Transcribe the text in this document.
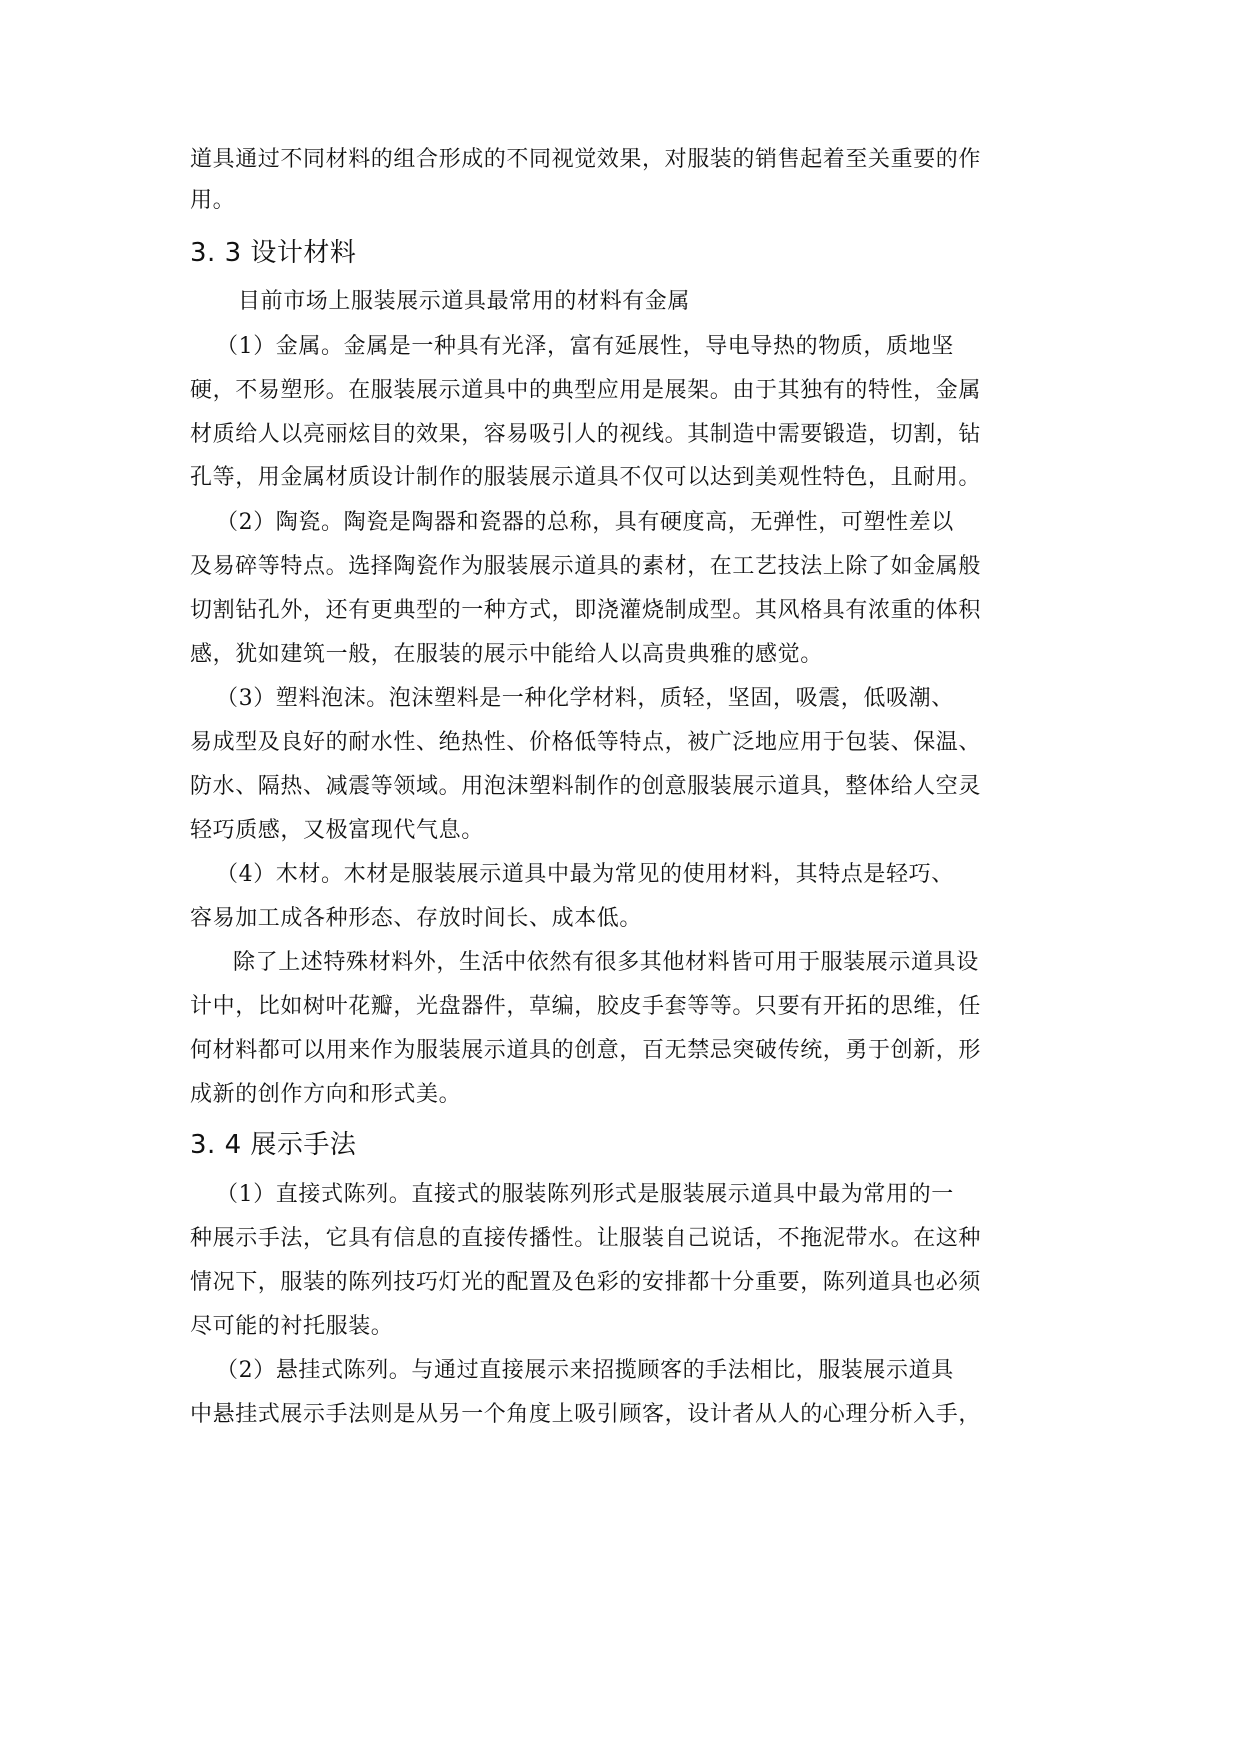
道具通过不同材料的组合形成的不同视觉效果，对服装的销售起着至关重要的作
用。
3. 3 设计材料
目前市场上服装展示道具最常用的材料有金属
（1）金属。金属是一种具有光泽，富有延展性，导电导热的物质，质地坚
硬，不易塑形。在服装展示道具中的典型应用是展架。由于其独有的特性，金属
材质给人以亮丽炫目的效果，容易吸引人的视线。其制造中需要锻造，切割，钻
孔等，用金属材质设计制作的服装展示道具不仅可以达到美观性特色，且耐用。
（2）陶瓷。陶瓷是陶器和瓷器的总称，具有硬度高，无弹性，可塑性差以
及易碎等特点。选择陶瓷作为服装展示道具的素材，在工艺技法上除了如金属般
切割钻孔外，还有更典型的一种方式，即浇灌烧制成型。其风格具有浓重的体积
感，犹如建筑一般，在服装的展示中能给人以高贵典雅的感觉。
（3）塑料泡沫。泡沫塑料是一种化学材料，质轻，坚固，吸震，低吸潮、
易成型及良好的耐水性、绝热性、价格低等特点，被广泛地应用于包装、保温、
防水、隔热、减震等领域。用泡沫塑料制作的创意服装展示道具，整体给人空灵
轻巧质感，又极富现代气息。
（4）木材。木材是服装展示道具中最为常见的使用材料，其特点是轻巧、
容易加工成各种形态、存放时间长、成本低。
除了上述特殊材料外，生活中依然有很多其他材料皆可用于服装展示道具设
计中，比如树叶花瓣，光盘器件，草编，胶皮手套等等。只要有开拓的思维，任
何材料都可以用来作为服装展示道具的创意，百无禁忌突破传统，勇于创新，形
成新的创作方向和形式美。
3. 4 展示手法
（1）直接式陈列。直接式的服装陈列形式是服装展示道具中最为常用的一
种展示手法，它具有信息的直接传播性。让服装自己说话，不拖泥带水。在这种
情况下，服装的陈列技巧灯光的配置及色彩的安排都十分重要，陈列道具也必须
尽可能的衬托服装。
（2）悬挂式陈列。与通过直接展示来招揽顾客的手法相比，服装展示道具
中悬挂式展示手法则是从另一个角度上吸引顾客，设计者从人的心理分析入手，
